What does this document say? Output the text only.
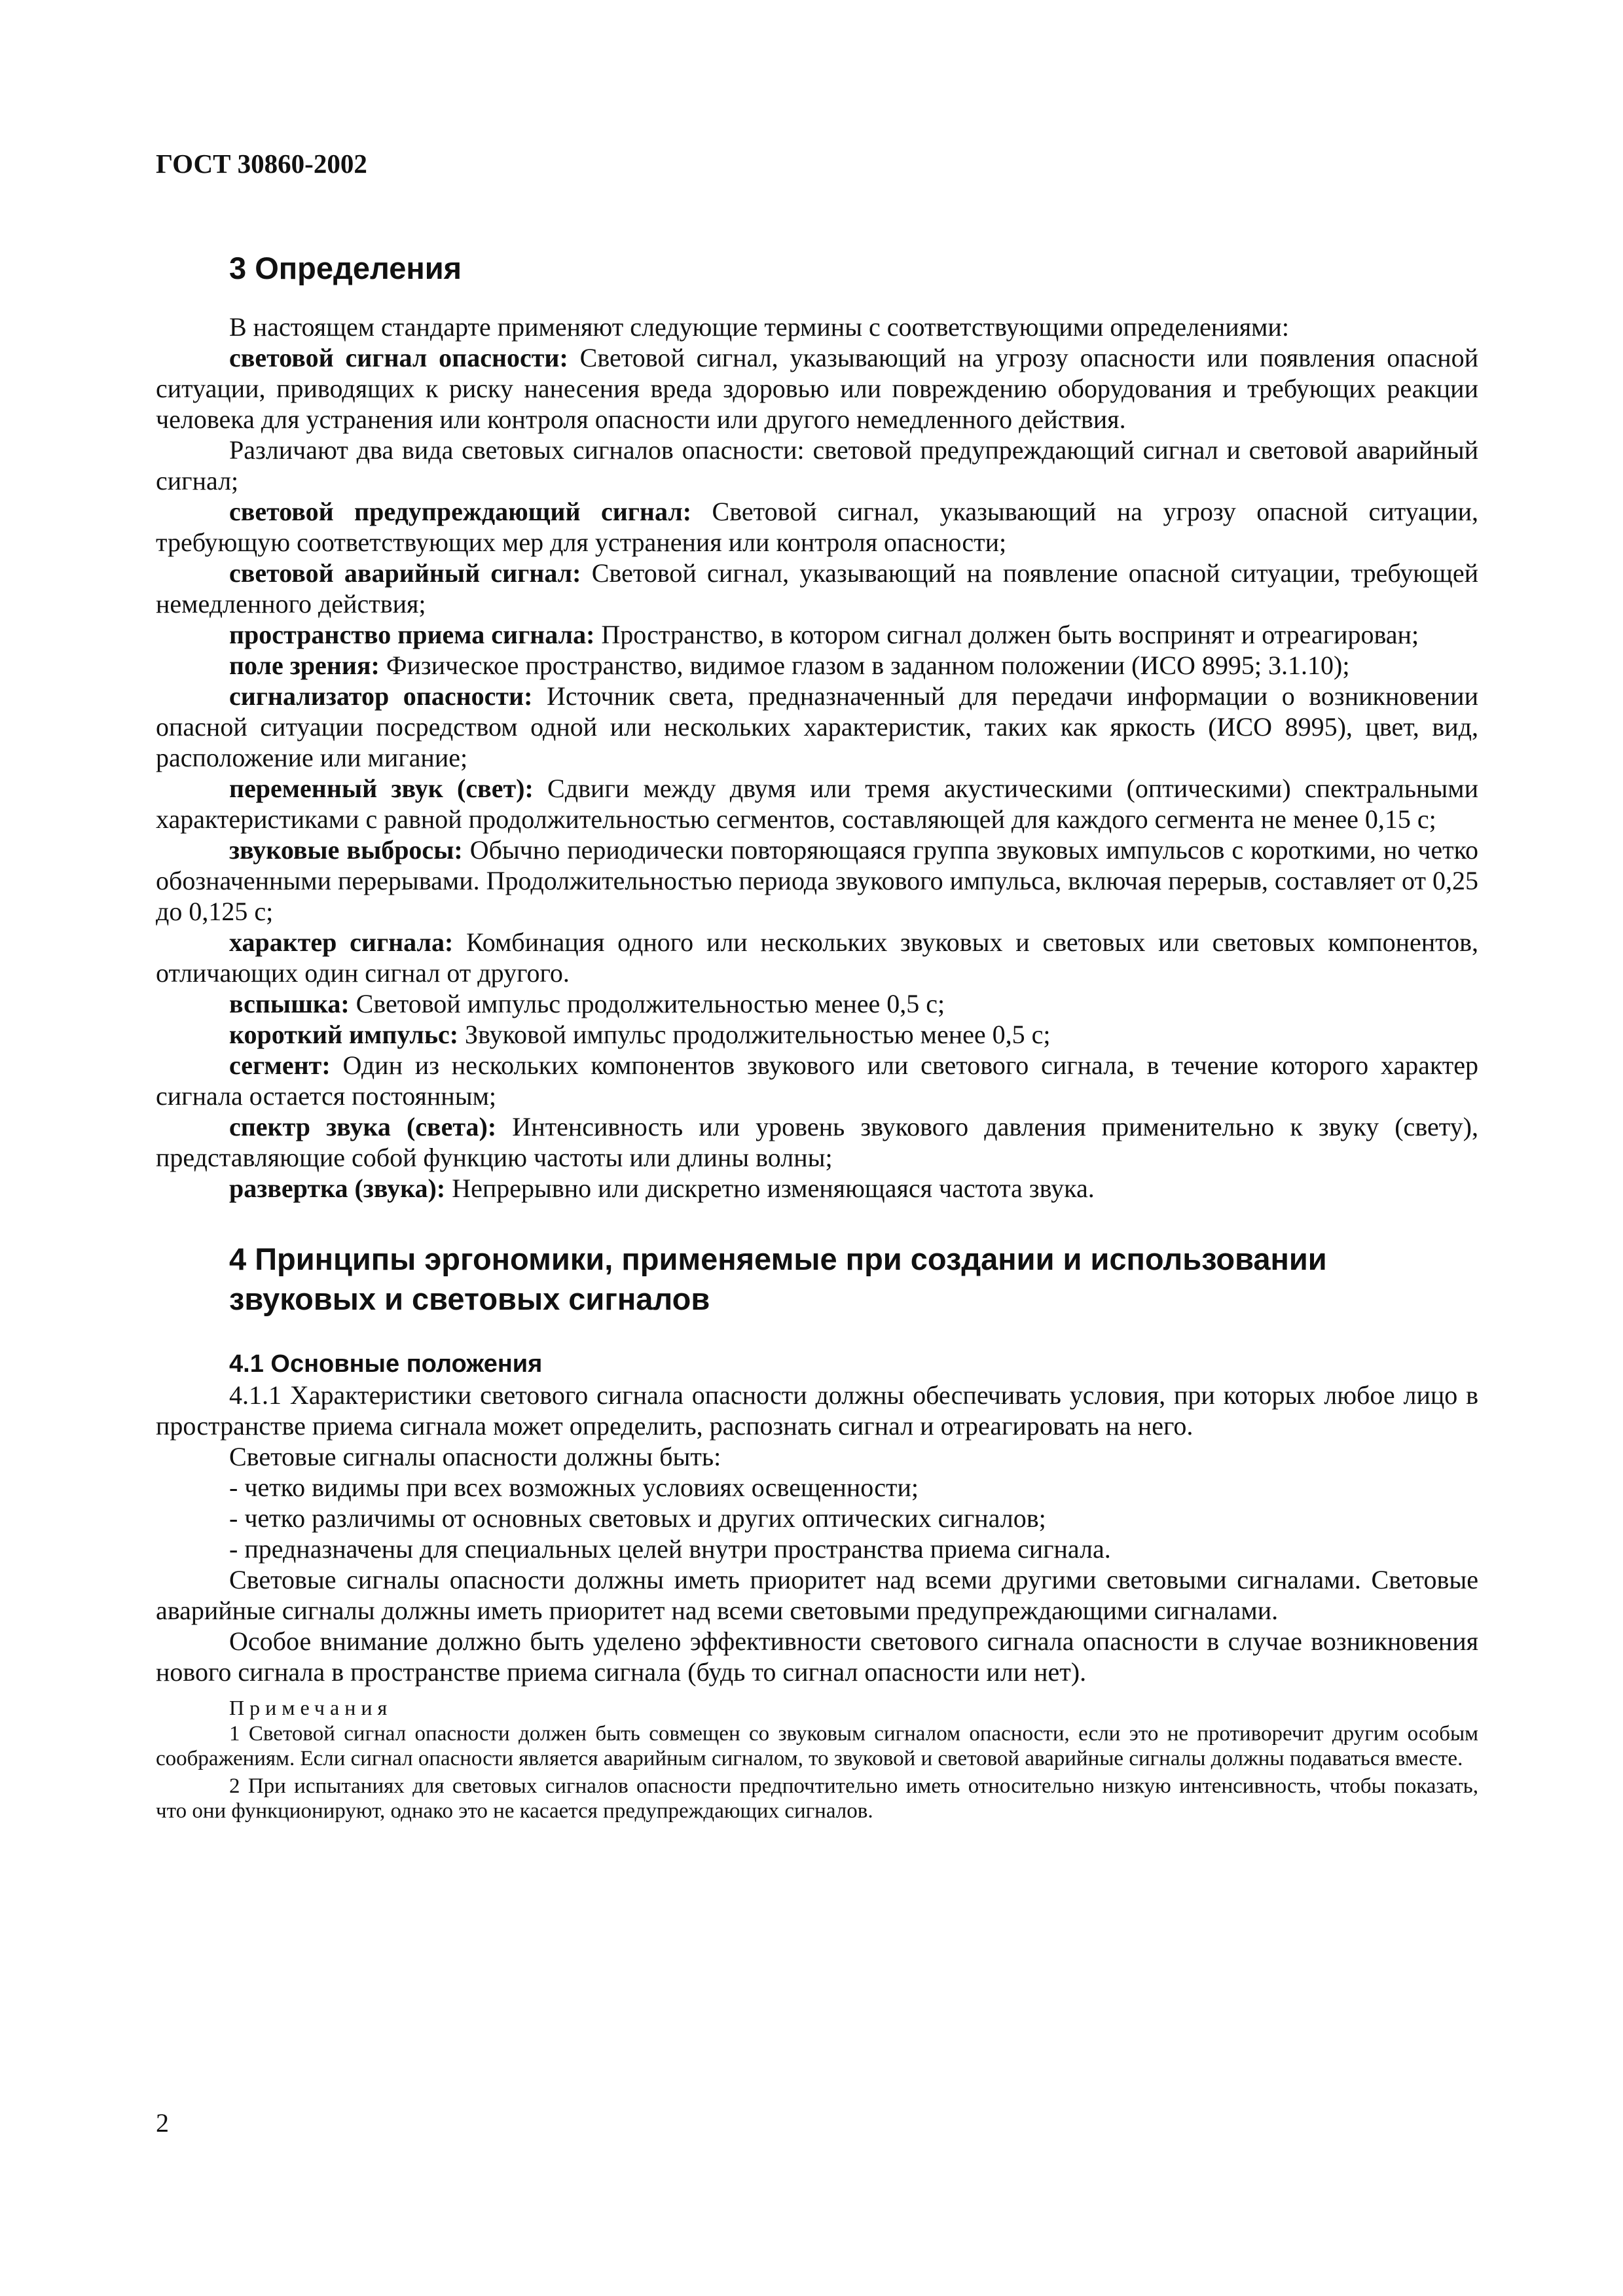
ГОСТ 30860-2002
3 Определения

В настоящем стандарте применяют следующие термины с соответствующими определениями:

световой сигнал опасности: Световой сигнал, указывающий на угрозу опасности или появления опасной ситуации, приводящих к риску нанесения вреда здоровью или повреждению оборудования и требующих реакции человека для устранения или контроля опасности или другого немедленного действия.

Различают два вида световых сигналов опасности: световой предупреждающий сигнал и световой аварийный сигнал;

световой предупреждающий сигнал: Световой сигнал, указывающий на угрозу опасной ситуации, требующую соответствующих мер для устранения или контроля опасности;

световой аварийный сигнал: Световой сигнал, указывающий на появление опасной ситуации, требующей немедленного действия;

пространство приема сигнала: Пространство, в котором сигнал должен быть воспринят и отреагирован;

поле зрения: Физическое пространство, видимое глазом в заданном положении (ИСО 8995; 3.1.10);

сигнализатор опасности: Источник света, предназначенный для передачи информации о возникновении опасной ситуации посредством одной или нескольких характеристик, таких как яркость (ИСО 8995), цвет, вид, расположение или мигание;

переменный звук (свет): Сдвиги между двумя или тремя акустическими (оптическими) спектральными характеристиками с равной продолжительностью сегментов, составляющей для каждого сегмента не менее 0,15 с;

звуковые выбросы: Обычно периодически повторяющаяся группа звуковых импульсов с короткими, но четко обозначенными перерывами. Продолжительностью периода звукового импульса, включая перерыв, составляет от 0,25 до 0,125 с;

характер сигнала: Комбинация одного или нескольких звуковых и световых или световых компонентов, отличающих один сигнал от другого.

вспышка: Световой импульс продолжительностью менее 0,5 с;

короткий импульс: Звуковой импульс продолжительностью менее 0,5 с;

сегмент: Один из нескольких компонентов звукового или светового сигнала, в течение которого характер сигнала остается постоянным;

спектр звука (света): Интенсивность или уровень звукового давления применительно к звуку (свету), представляющие собой функцию частоты или длины волны;

развертка (звука): Непрерывно или дискретно изменяющаяся частота звука.

4 Принципы эргономики, применяемые при создании и использовании звуковых и световых сигналов
4.1 Основные положения

4.1.1 Характеристики светового сигнала опасности должны обеспечивать условия, при которых любое лицо в пространстве приема сигнала может определить, распознать сигнал и отреагировать на него.

Световые сигналы опасности должны быть:

- четко видимы при всех возможных условиях освещенности;
- четко различимы от основных световых и других оптических сигналов;
- предназначены для специальных целей внутри пространства приема сигнала.

Световые сигналы опасности должны иметь приоритет над всеми другими световыми сигналами. Световые аварийные сигналы должны иметь приоритет над всеми световыми предупреждающими сигналами.

Особое внимание должно быть уделено эффективности светового сигнала опасности в случае возникновения нового сигнала в пространстве приема сигнала (будь то сигнал опасности или нет).

Примечания

1 Световой сигнал опасности должен быть совмещен со звуковым сигналом опасности, если это не противоречит другим особым соображениям. Если сигнал опасности является аварийным сигналом, то звуковой и световой аварийные сигналы должны подаваться вместе.

2 При испытаниях для световых сигналов опасности предпочтительно иметь относительно низкую интенсивность, чтобы показать, что они функционируют, однако это не касается предупреждающих сигналов.

2
